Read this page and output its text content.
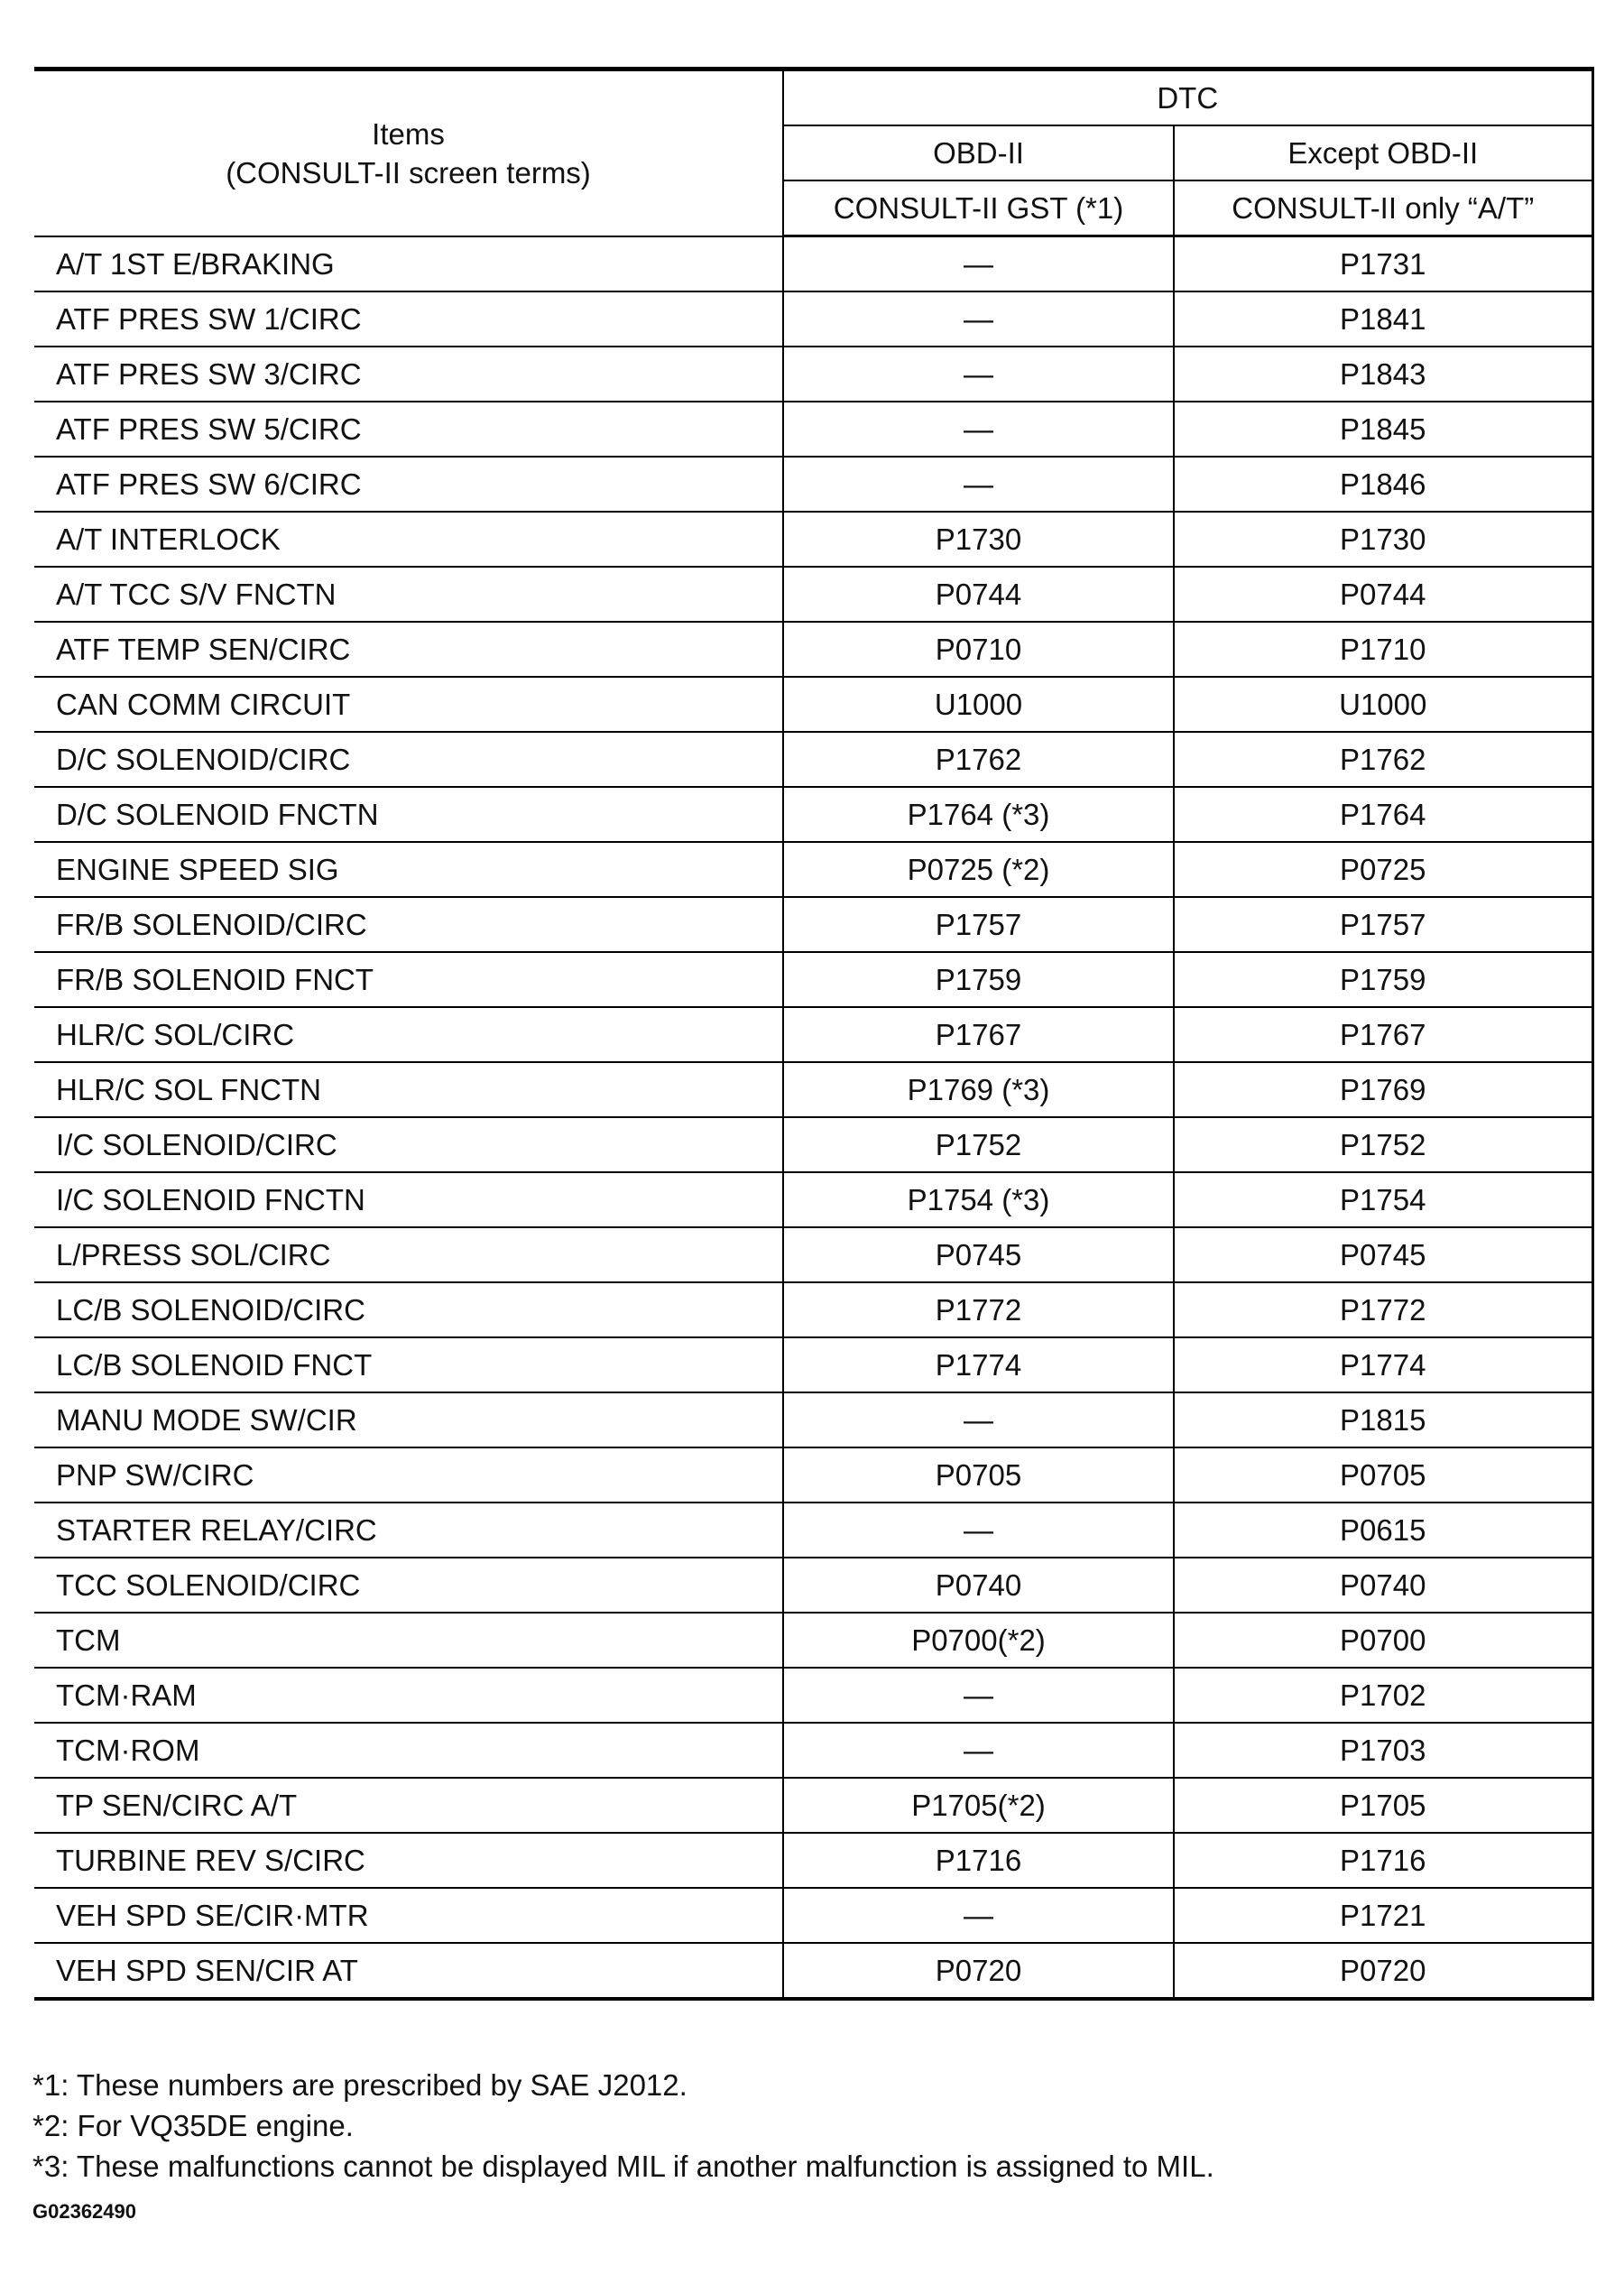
Items
(CONSULT-II screen terms)	DTC	
	OBD-II	Except OBD-II
	CONSULT-II GST (*1)	CONSULT-II only “A/T”
A/T 1ST E/BRAKING	—	P1731
ATF PRES SW 1/CIRC	—	P1841
ATF PRES SW 3/CIRC	—	P1843
ATF PRES SW 5/CIRC	—	P1845
ATF PRES SW 6/CIRC	—	P1846
A/T INTERLOCK	P1730	P1730
A/T TCC S/V FNCTN	P0744	P0744
ATF TEMP SEN/CIRC	P0710	P1710
CAN COMM CIRCUIT	U1000	U1000
D/C SOLENOID/CIRC	P1762	P1762
D/C SOLENOID FNCTN	P1764 (*3)	P1764
ENGINE SPEED SIG	P0725 (*2)	P0725
FR/B SOLENOID/CIRC	P1757	P1757
FR/B SOLENOID FNCT	P1759	P1759
HLR/C SOL/CIRC	P1767	P1767
HLR/C SOL FNCTN	P1769 (*3)	P1769
I/C SOLENOID/CIRC	P1752	P1752
I/C SOLENOID FNCTN	P1754 (*3)	P1754
L/PRESS SOL/CIRC	P0745	P0745
LC/B SOLENOID/CIRC	P1772	P1772
LC/B SOLENOID FNCT	P1774	P1774
MANU MODE SW/CIR	—	P1815
PNP SW/CIRC	P0705	P0705
STARTER RELAY/CIRC	—	P0615
TCC SOLENOID/CIRC	P0740	P0740
TCM	P0700(*2)	P0700
TCM·RAM	—	P1702
TCM·ROM	—	P1703
TP SEN/CIRC A/T	P1705(*2)	P1705
TURBINE REV S/CIRC	P1716	P1716
VEH SPD SE/CIR·MTR	—	P1721
VEH SPD SEN/CIR AT	P0720	P0720
*1: These numbers are prescribed by SAE J2012.
*2: For VQ35DE engine.
*3: These malfunctions cannot be displayed MIL if another malfunction is assigned to MIL.
G02362490
